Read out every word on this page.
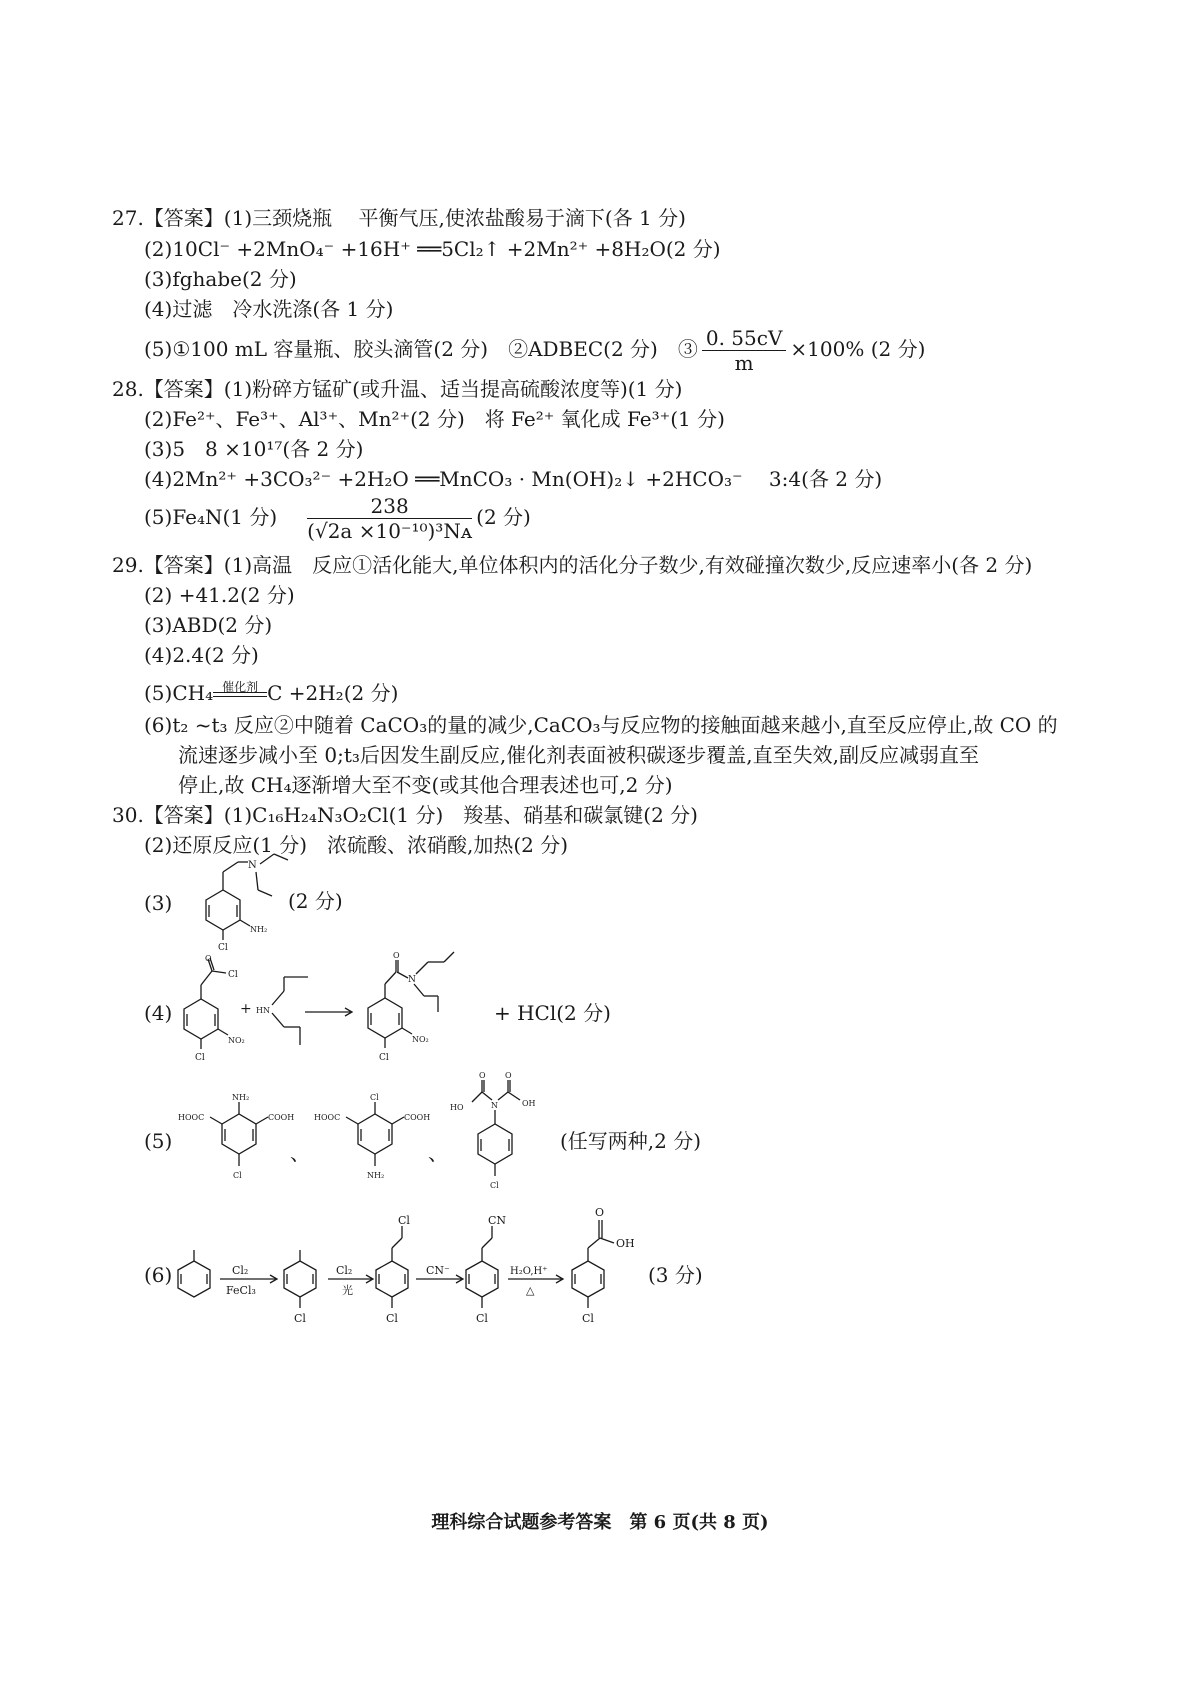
27.【答案】(1)三颈烧瓶　 平衡气压,使浓盐酸易于滴下(各 1 分)
(2)10Cl⁻ +2MnO₄⁻ +16H⁺ ══5Cl₂↑ +2Mn²⁺ +8H₂O(2 分)
(3)fghabe(2 分)
(4)过滤　冷水洗涤(各 1 分)
(5)①100 mL 容量瓶、胶头滴管(2 分)　②ADBEC(2 分)　③ $\frac{0. 55cV}{m} \times 100\%$ (2 分)
28.【答案】(1)粉碎方锰矿(或升温、适当提高硫酸浓度等)(1 分)
(2)Fe²⁺、Fe³⁺、Al³⁺、Mn²⁺(2 分)　将 Fe²⁺ 氧化成 Fe³⁺(1 分)
(3)5　8 ×10¹⁷(各 2 分)
(4)2Mn²⁺ +3CO₃²⁻ +2H₂O ══MnCO₃ · Mn(OH)₂↓ +2HCO₃⁻　 3:4(各 2 分)
(5)Fe₄N(1 分) $\frac{238}{\text{(√2a ×10⁻¹⁰)³Nᴀ}} (2$ 分)
29.【答案】(1)高温　反应①活化能大,单位体积内的活化分子数少,有效碰撞次数少,反应速率小(各 2 分)
(2) +41.2(2 分)
(3)ABD(2 分)
(4)2.4(2 分)
(5)CH₄ 催化剂 C +2H₂(2 分)
(6)t₂ ~t₃ 反应②中随着 CaCO₃的量的减少,CaCO₃与反应物的接触面越来越小,直至反应停止,故 CO 的
流速逐步减小至 0;t₃后因发生副反应,催化剂表面被积碳逐步覆盖,直至失效,副反应减弱直至
停止,故 CH₄逐渐增大至不变(或其他合理表述也可,2 分)
30.【答案】(1)C₁₆H₂₄N₃O₂Cl(1 分)　羧基、硝基和碳氯键(2 分)
(2)还原反应(1 分)　浓硫酸、浓硝酸,加热(2 分)
(3)	(2 分)
N
NH₂
Cl
(4)
O
Cl
NO₂
Cl
+ HN
O
N
NO₂
Cl
+ HCl(2 分)
(5)
NH₂
HOOC	COOH
Cl
、
Cl
HOOC	COOH
NH₂
、
O O
HO	N	OH
Cl
(任写两种,2 分)
(6)	Cl₂
FeCl₃
Cl
Cl₂
光
Cl
Cl
CN⁻
CN
Cl
H₂O,H⁺
△
O
OH
Cl
(3 分)
理科综合试题参考答案　第 6 页(共 8 页)
